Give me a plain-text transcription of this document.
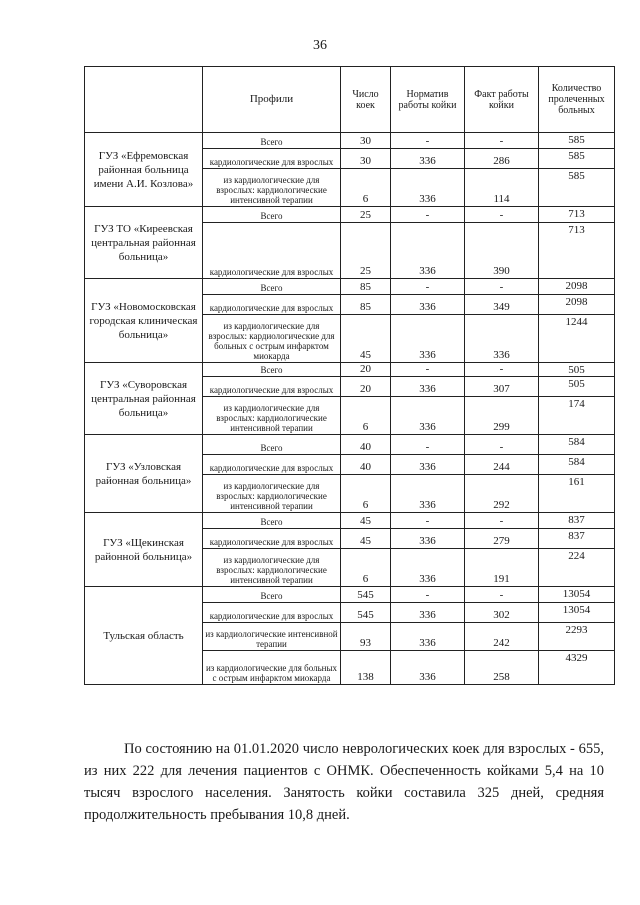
36
	Профили	Число коек	Норматив работы койки	Факт работы койки	Количество пролеченных больных
ГУЗ «Ефремовская районная больница имени А.И. Козлова»	Всего	30	-	-	585
	кардиологические для взрослых	30	336	286	585
	из кардиологические для взрослых: кардиологические интенсивной терапии	6	336	114	585
ГУЗ ТО «Киреевская центральная районная больница»	Всего	25	-	-	713
	кардиологические для взрослых	25	336	390	713
ГУЗ «Новомосковская городская клиническая больница»	Всего	85	-	-	2098
	кардиологические для взрослых	85	336	349	2098
	из кардиологические для взрослых: кардиологические для больных с острым инфарктом миокарда	45	336	336	1244
ГУЗ «Суворовская центральная районная больница»	Всего	20	-	-	505
	кардиологические для взрослых	20	336	307	505
	из кардиологические для взрослых: кардиологические интенсивной терапии	6	336	299	174
ГУЗ «Узловская районная больница»	Всего	40	-	-	584
	кардиологические для взрослых	40	336	244	584
	из кардиологические для взрослых: кардиологические интенсивной терапии	6	336	292	161
ГУЗ «Щекинская районной больница»	Всего	45	-	-	837
	кардиологические для взрослых	45	336	279	837
	из кардиологические для взрослых: кардиологические интенсивной терапии	6	336	191	224
Тульская область	Всего	545	-	-	13054
	кардиологические для взрослых	545	336	302	13054
	из кардиологические интенсивной терапии	93	336	242	2293
	из кардиологические для больных с острым инфарктом миокарда	138	336	258	4329

По состоянию на 01.01.2020 число неврологических коек для взрослых - 655, из них 222 для лечения пациентов с ОНМК. Обеспеченность койками 5,4 на 10 тысяч взрослого населения. Занятость койки составила 325 дней, средняя продолжительность пребывания 10,8 дней.
